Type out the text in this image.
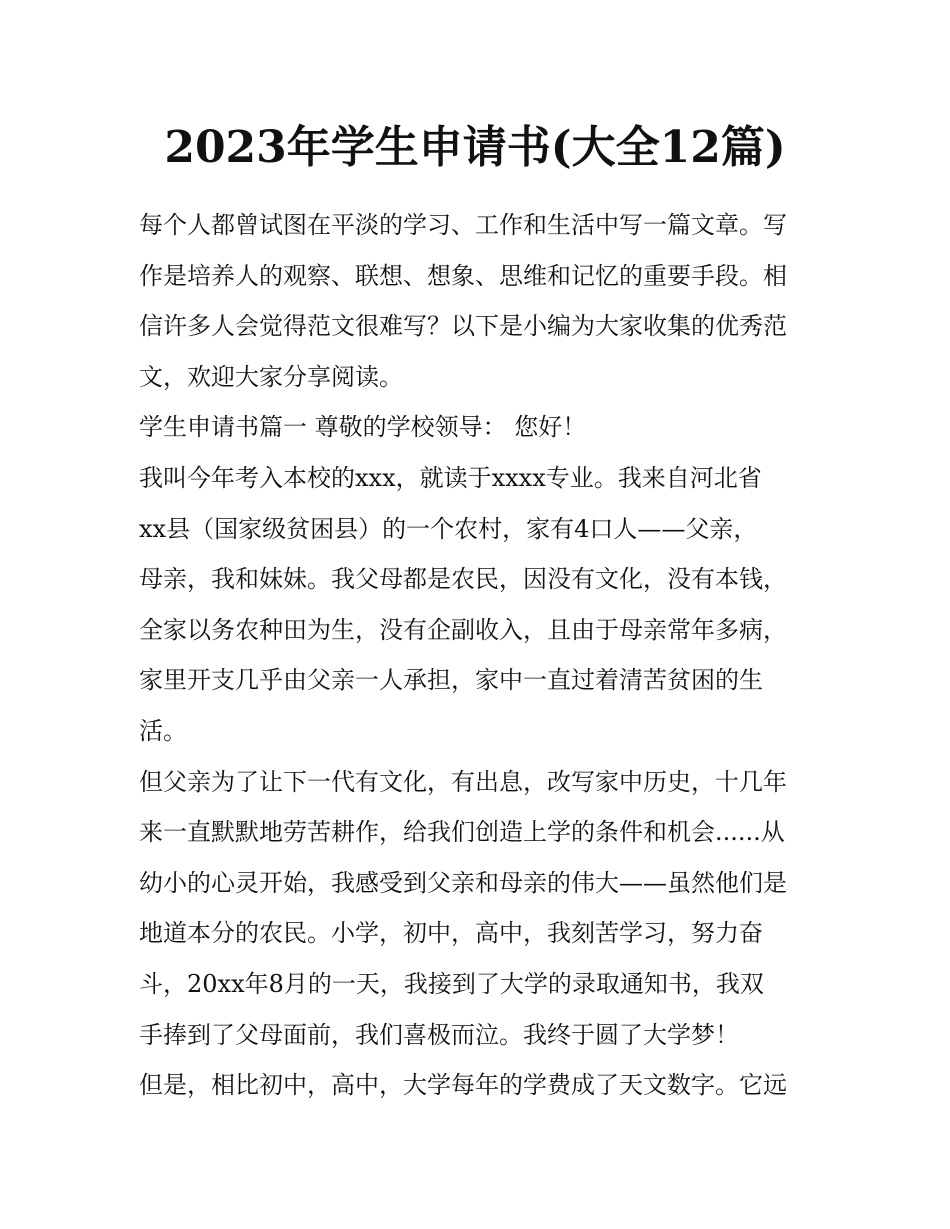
2023年学生申请书(大全12篇)
每个人都曾试图在平淡的学习、工作和生活中写一篇文章。写
作是培养人的观察、联想、想象、思维和记忆的重要手段。相
信许多人会觉得范文很难写？以下是小编为大家收集的优秀范
文，欢迎大家分享阅读。
学生申请书篇一 尊敬的学校领导： 您好！
我叫今年考入本校的xxx，就读于xxxx专业。我来自河北省
xx县（国家级贫困县）的一个农村，家有4口人——父亲，
母亲，我和妹妹。我父母都是农民，因没有文化，没有本钱，
全家以务农种田为生，没有企副收入，且由于母亲常年多病，
家里开支几乎由父亲一人承担，家中一直过着清苦贫困的生
活。
但父亲为了让下一代有文化，有出息，改写家中历史，十几年
来一直默默地劳苦耕作，给我们创造上学的条件和机会......从
幼小的心灵开始，我感受到父亲和母亲的伟大——虽然他们是
地道本分的农民。小学，初中，高中，我刻苦学习，努力奋
斗，20xx年8月的一天，我接到了大学的录取通知书，我双
手捧到了父母面前，我们喜极而泣。我终于圆了大学梦！
但是，相比初中，高中，大学每年的学费成了天文数字。它远
